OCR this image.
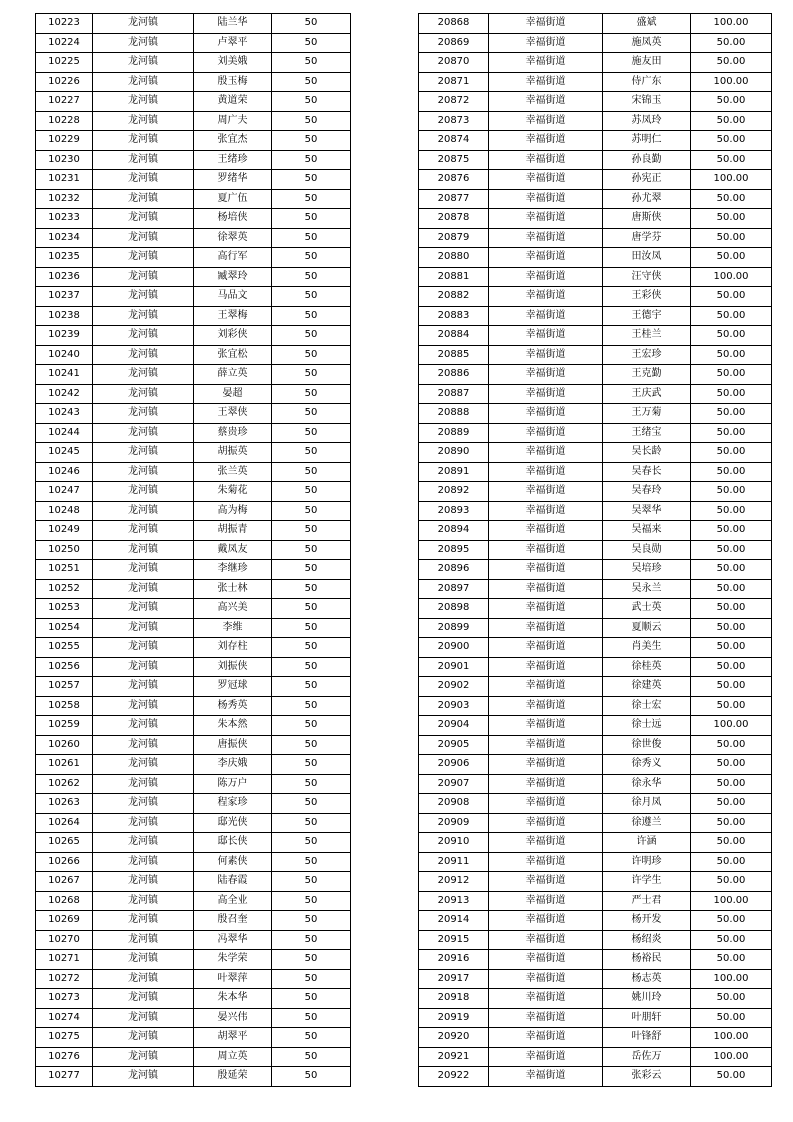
10223	龙河镇	陆兰华	50
10224	龙河镇	卢翠平	50
10225	龙河镇	刘美娥	50
10226	龙河镇	殷玉梅	50
10227	龙河镇	黄道荣	50
10228	龙河镇	周广夫	50
10229	龙河镇	张宜杰	50
10230	龙河镇	王绪珍	50
10231	龙河镇	罗绪华	50
10232	龙河镇	夏广伍	50
10233	龙河镇	杨培侠	50
10234	龙河镇	徐翠英	50
10235	龙河镇	高行军	50
10236	龙河镇	臧翠玲	50
10237	龙河镇	马品文	50
10238	龙河镇	王翠梅	50
10239	龙河镇	刘彩侠	50
10240	龙河镇	张宜松	50
10241	龙河镇	薛立英	50
10242	龙河镇	晏超	50
10243	龙河镇	王翠侠	50
10244	龙河镇	蔡贵珍	50
10245	龙河镇	胡振英	50
10246	龙河镇	张兰英	50
10247	龙河镇	朱菊花	50
10248	龙河镇	高为梅	50
10249	龙河镇	胡振青	50
10250	龙河镇	戴凤友	50
10251	龙河镇	李继珍	50
10252	龙河镇	张士林	50
10253	龙河镇	高兴美	50
10254	龙河镇	李维	50
10255	龙河镇	刘存柱	50
10256	龙河镇	刘振侠	50
10257	龙河镇	罗冠球	50
10258	龙河镇	杨秀英	50
10259	龙河镇	朱本然	50
10260	龙河镇	唐振侠	50
10261	龙河镇	李庆娥	50
10262	龙河镇	陈万户	50
10263	龙河镇	程家珍	50
10264	龙河镇	邸光侠	50
10265	龙河镇	邸长侠	50
10266	龙河镇	何素侠	50
10267	龙河镇	陆春霞	50
10268	龙河镇	高全业	50
10269	龙河镇	殷召奎	50
10270	龙河镇	冯翠华	50
10271	龙河镇	朱学荣	50
10272	龙河镇	叶翠萍	50
10273	龙河镇	朱本华	50
10274	龙河镇	晏兴伟	50
10275	龙河镇	胡翠平	50
10276	龙河镇	周立英	50
10277	龙河镇	殷延荣	50
20868	幸福街道	盛斌	100.00
20869	幸福街道	施凤英	50.00
20870	幸福街道	施友田	50.00
20871	幸福街道	侍广东	100.00
20872	幸福街道	宋锦玉	50.00
20873	幸福街道	苏凤玲	50.00
20874	幸福街道	苏明仁	50.00
20875	幸福街道	孙良勤	50.00
20876	幸福街道	孙宪正	100.00
20877	幸福街道	孙尤翠	50.00
20878	幸福街道	唐斯侠	50.00
20879	幸福街道	唐学芬	50.00
20880	幸福街道	田汝凤	50.00
20881	幸福街道	汪守侠	100.00
20882	幸福街道	王彩侠	50.00
20883	幸福街道	王德宇	50.00
20884	幸福街道	王桂兰	50.00
20885	幸福街道	王宏珍	50.00
20886	幸福街道	王克勤	50.00
20887	幸福街道	王庆武	50.00
20888	幸福街道	王万菊	50.00
20889	幸福街道	王绪宝	50.00
20890	幸福街道	吴长龄	50.00
20891	幸福街道	吴春长	50.00
20892	幸福街道	吴春玲	50.00
20893	幸福街道	吴翠华	50.00
20894	幸福街道	吴福来	50.00
20895	幸福街道	吴良勋	50.00
20896	幸福街道	吴培珍	50.00
20897	幸福街道	吴永兰	50.00
20898	幸福街道	武士英	50.00
20899	幸福街道	夏顺云	50.00
20900	幸福街道	肖美生	50.00
20901	幸福街道	徐桂英	50.00
20902	幸福街道	徐建英	50.00
20903	幸福街道	徐士宏	50.00
20904	幸福街道	徐士远	100.00
20905	幸福街道	徐世俊	50.00
20906	幸福街道	徐秀义	50.00
20907	幸福街道	徐永华	50.00
20908	幸福街道	徐月凤	50.00
20909	幸福街道	徐遵兰	50.00
20910	幸福街道	许涵	50.00
20911	幸福街道	许明珍	50.00
20912	幸福街道	许学生	50.00
20913	幸福街道	严士君	100.00
20914	幸福街道	杨开发	50.00
20915	幸福街道	杨绍炎	50.00
20916	幸福街道	杨裕民	50.00
20917	幸福街道	杨志英	100.00
20918	幸福街道	姚川玲	50.00
20919	幸福街道	叶朋轩	50.00
20920	幸福街道	叶锋舒	100.00
20921	幸福街道	岳佐万	100.00
20922	幸福街道	张彩云	50.00
